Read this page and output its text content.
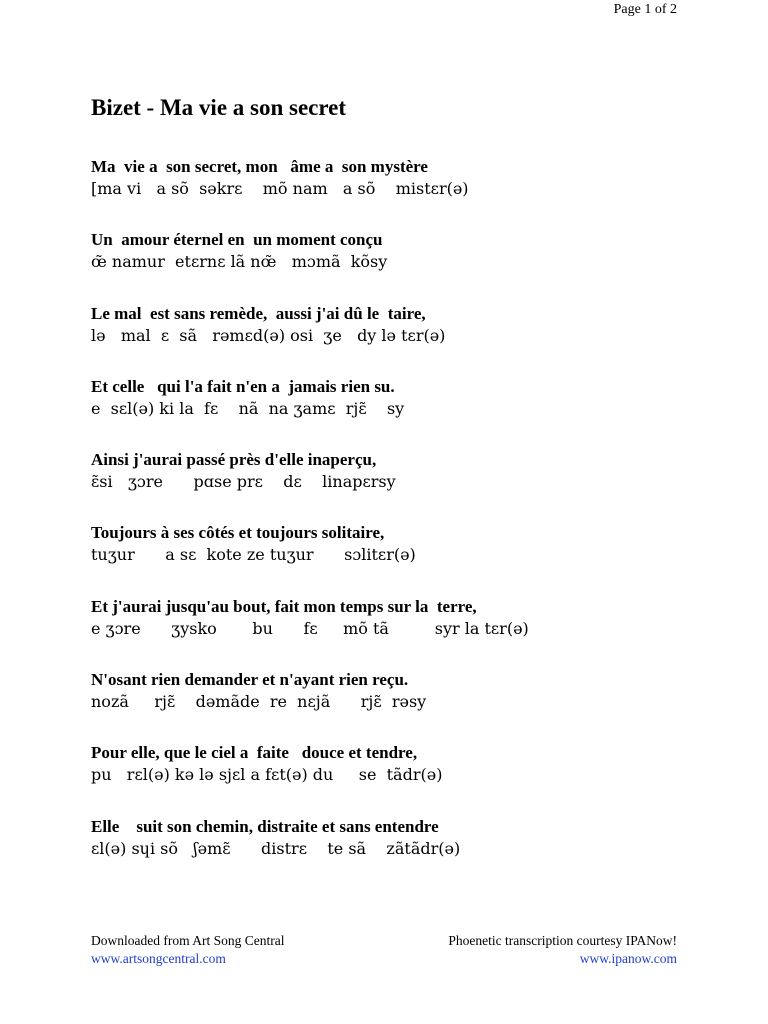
Page 1 of 2
Bizet - Ma vie a son secret
Ma  vie a  son secret, mon   âme a  son mystère
[ma vi   a sõ  sǝkrɛ    mõ nam   a sõ    mistɛr(ǝ)
Un  amour éternel en  un moment conçu
œ̃ namur  etɛrnɛ lã nœ̃   mɔmã  kõsy
Le mal  est sans remède,  aussi j'ai dû le  taire,
lǝ   mal  ɛ  sã   rǝmɛd(ǝ) osi  ʒe   dy lǝ tɛr(ǝ)
Et celle   qui l'a fait n'en a  jamais rien su.
e  sɛl(ǝ) ki la  fɛ    nã  na ʒamɛ  rjɛ̃    sy
Ainsi j'aurai passé près d'elle inaperçu,
ɛ̃si   ʒɔre      pɑse prɛ    dɛ    linapɛrsy
Toujours à ses côtés et toujours solitaire,
tuʒur      a sɛ  kote ze tuʒur      sɔlitɛr(ǝ)
Et j'aurai jusqu'au bout, fait mon temps sur la  terre,
e ʒɔre      ʒysko       bu      fɛ     mõ tã         syr la tɛr(ǝ)
N'osant rien demander et n'ayant rien reçu.
nozã     rjɛ̃    dǝmãde  re  nɛjã      rjɛ̃  rǝsy
Pour elle, que le ciel a  faite   douce et tendre,
pu   rɛl(ǝ) kǝ lǝ sjɛl a fɛt(ǝ) du     se  tãdr(ǝ)
Elle    suit son chemin, distraite et sans entendre
ɛl(ǝ) sɥi sõ   ʃǝmɛ̃      distrɛ    te sã    zãtãdr(ǝ)
Downloaded from Art Song Central
www.artsongcentral.com
Phoenetic transcription courtesy IPANow!
www.ipanow.com
